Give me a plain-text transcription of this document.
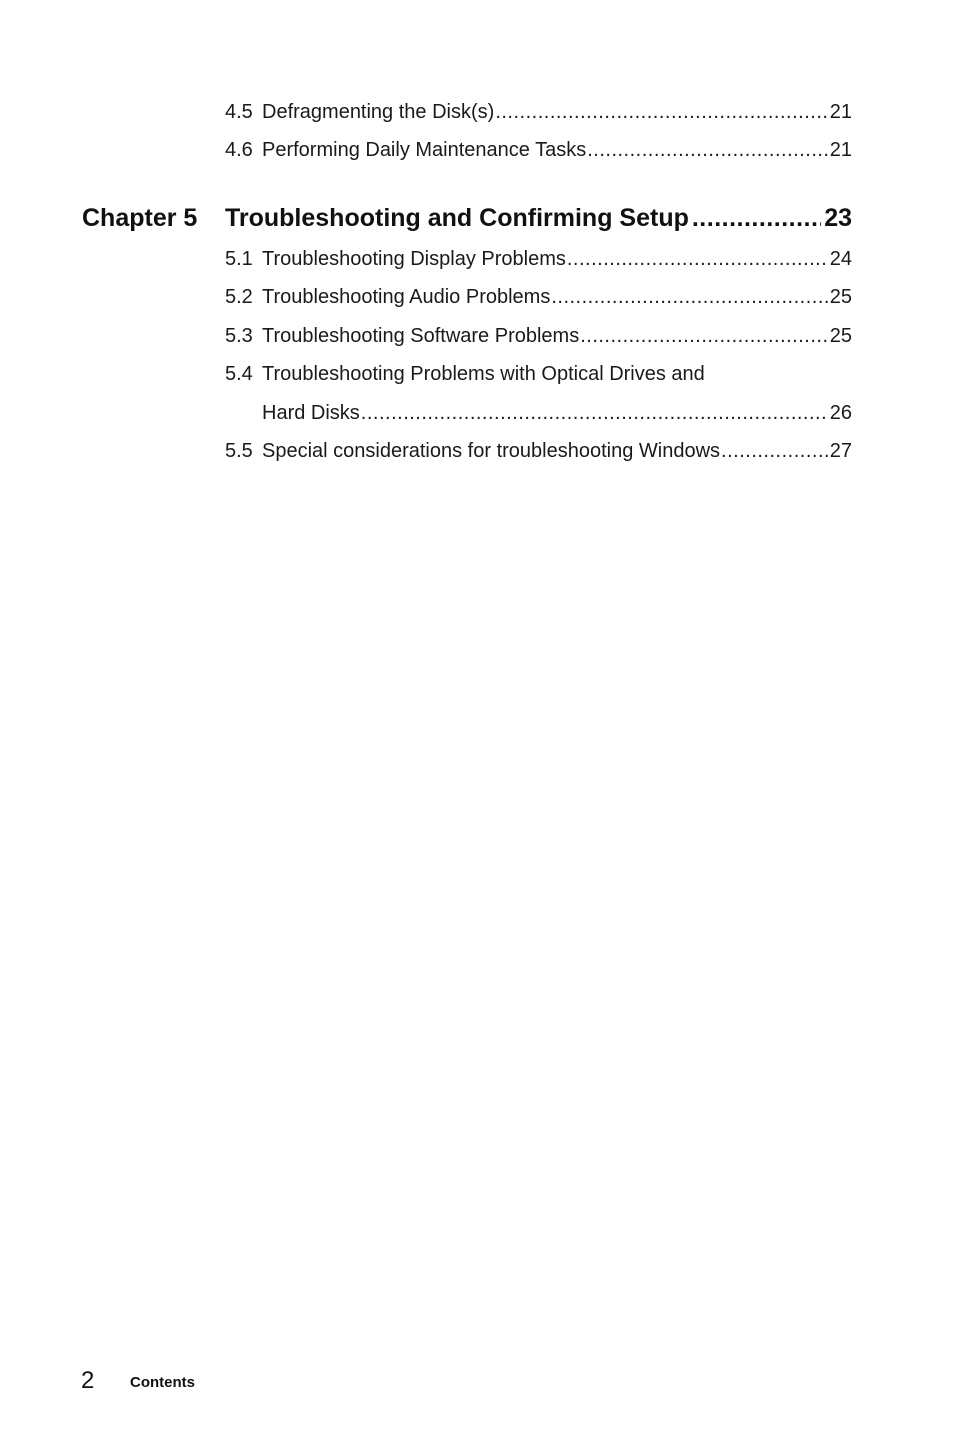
4.5 Defragmenting the Disk(s) .....	21
4.6 Performing Daily Maintenance Tasks .....	21
Chapter 5	Troubleshooting and Confirming Setup .....	23
5.1 Troubleshooting Display Problems .....	24
5.2 Troubleshooting Audio Problems .....	25
5.3 Troubleshooting Software Problems .....	25
5.4 Troubleshooting Problems with Optical Drives and
Hard Disks .....	26
5.5 Special considerations for troubleshooting Windows .....	27
2 Contents
